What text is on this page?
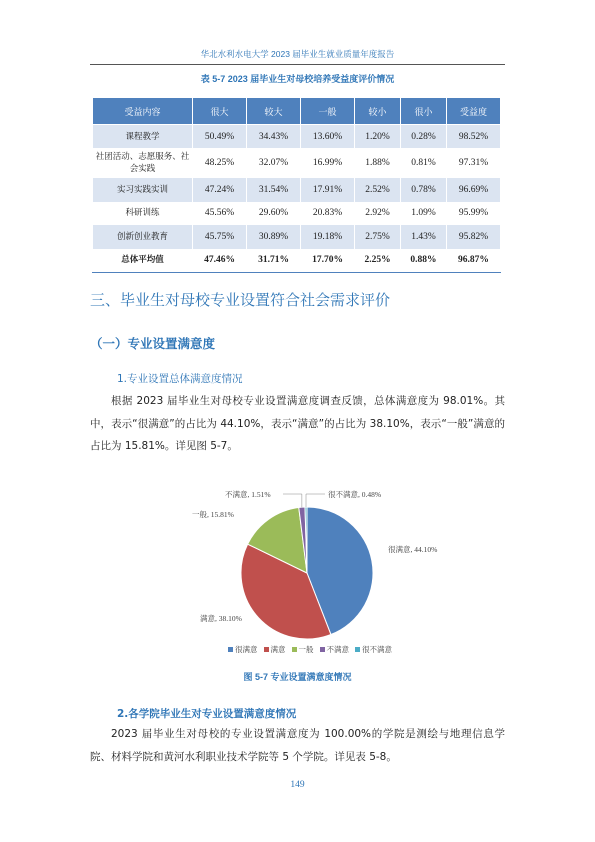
华北水利水电大学 2023 届毕业生就业质量年度报告
表 5-7 2023 届毕业生对母校培养受益度评价情况
受益内容	很大	较大	一般	较小	很小	受益度
课程教学	50.49%	34.43%	13.60%	1.20%	0.28%	98.52%
社团活动、志愿服务、社会实践	48.25%	32.07%	16.99%	1.88%	0.81%	97.31%
实习实践实训	47.24%	31.54%	17.91%	2.52%	0.78%	96.69%
科研训练	45.56%	29.60%	20.83%	2.92%	1.09%	95.99%
创新创业教育	45.75%	30.89%	19.18%	2.75%	1.43%	95.82%
总体平均值	47.46%	31.71%	17.70%	2.25%	0.88%	96.87%
三、毕业生对母校专业设置符合社会需求评价
（一）专业设置满意度
1.专业设置总体满意度情况
根据 2023 届毕业生对母校专业设置满意度调查反馈，总体满意度为 98.01%。其中，表示“很满意”的占比为 44.10%，表示“满意”的占比为 38.10%，表示“一般”满意的占比为 15.81%。详见图 5-7。
很满意, 44.10%
满意, 38.10%
一般, 15.81%
不满意, 1.51%	很不满意, 0.48%
很满意 满意 一般 不满意 很不满意
图 5-7 专业设置满意度情况
2.各学院毕业生对专业设置满意度情况
2023 届毕业生对母校的专业设置满意度为 100.00%的学院是测绘与地理信息学院、材料学院和黄河水利职业技术学院等 5 个学院。详见表 5-8。
149
